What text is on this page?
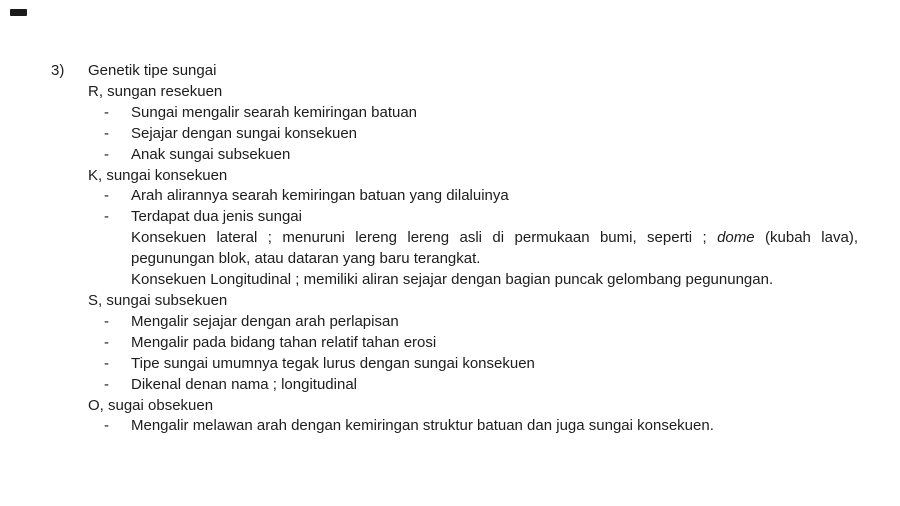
3)	Genetik tipe sungai
R, sungan resekuen
-	Sungai mengalir searah kemiringan batuan
-	Sejajar dengan sungai konsekuen
-	Anak sungai subsekuen
K, sungai konsekuen
-	Arah alirannya searah kemiringan batuan yang dilaluinya
-	Terdapat dua jenis sungai
Konsekuen lateral ; menuruni lereng lereng asli di permukaan bumi, seperti ; dome (kubah lava),
pegunungan blok, atau dataran yang baru terangkat.
Konsekuen Longitudinal ; memiliki aliran sejajar dengan bagian puncak gelombang pegunungan.
S, sungai subsekuen
-	Mengalir sejajar dengan arah perlapisan
-	Mengalir pada bidang tahan relatif tahan erosi
-	Tipe sungai umumnya tegak lurus dengan sungai konsekuen
-	Dikenal denan nama ; longitudinal
O, sugai obsekuen
-	Mengalir melawan arah dengan kemiringan struktur batuan dan juga sungai konsekuen.
